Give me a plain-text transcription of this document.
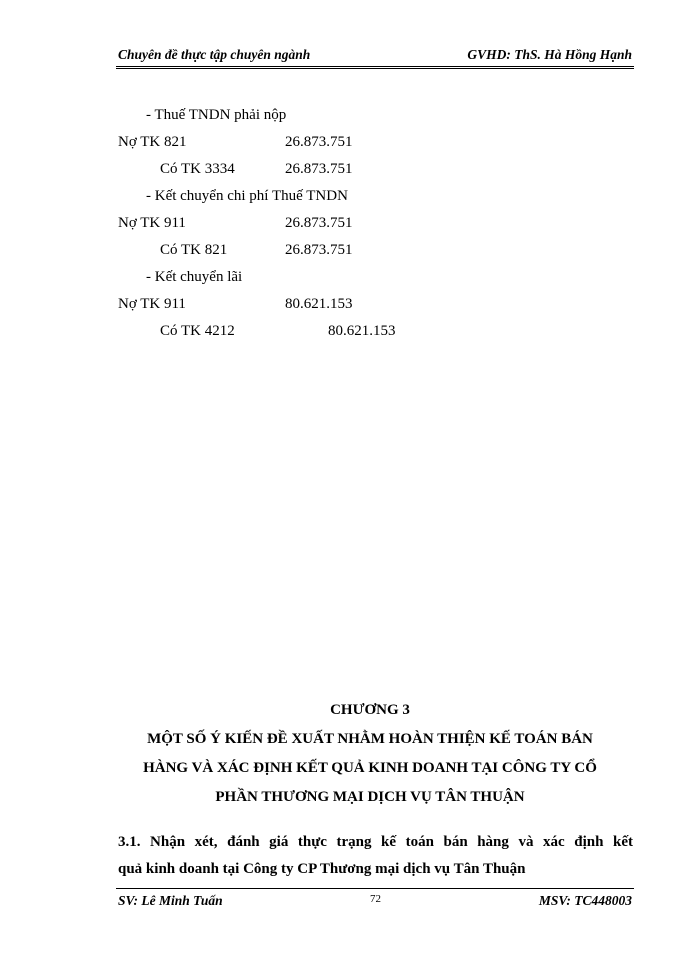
Chuyên đề thực tập chuyên ngành	GVHD: ThS. Hà Hồng Hạnh
- Thuế TNDN phải nộp
Nợ TK 821	26.873.751
Có TK 3334	26.873.751
- Kết chuyển chi phí Thuế TNDN
Nợ TK 911	26.873.751
Có TK 821	26.873.751
- Kết chuyển lãi
Nợ TK 911	80.621.153
Có TK 4212	80.621.153
CHƯƠNG 3
MỘT SỐ Ý KIẾN ĐỀ XUẤT NHẰM HOÀN THIỆN KẾ TOÁN BÁN
HÀNG VÀ XÁC ĐỊNH KẾT QUẢ KINH DOANH TẠI CÔNG TY CỔ
PHẦN THƯƠNG MẠI DỊCH VỤ TÂN THUẬN
3.1. Nhận xét, đánh giá thực trạng kế toán bán hàng và xác định kết
quả kinh doanh tại Công ty CP Thương mại dịch vụ Tân Thuận
SV: Lê Minh Tuấn	72	MSV: TC448003
